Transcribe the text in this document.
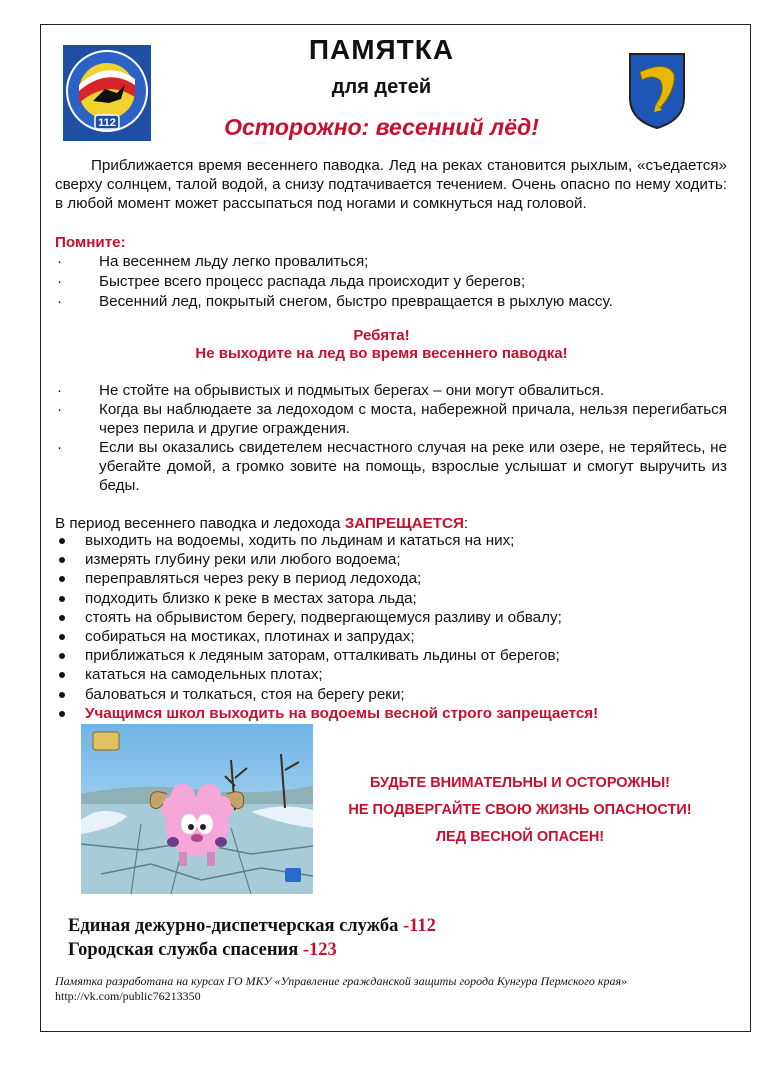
112
ПАМЯТКА
для детей
Осторожно: весенний лёд!
Приближается время весеннего паводка. Лед на реках становится рыхлым, «съедается» сверху солнцем, талой водой, а снизу подтачивается течением. Очень опасно по нему ходить: в любой момент может рассыпаться под ногами и сомкнуться над головой.
Помните:
· На весеннем льду легко провалиться;
· Быстрее всего процесс распада льда происходит у берегов;
· Весенний лед, покрытый снегом, быстро превращается в рыхлую массу.
Ребята!
Не выходите на лед во время весеннего паводка!
· Не стойте на обрывистых и подмытых берегах – они могут обвалиться.
· Когда вы наблюдаете за ледоходом с моста, набережной причала, нельзя перегибаться через перила и другие ограждения.
· Если вы оказались свидетелем несчастного случая на реке или озере, не теряйтесь, не убегайте домой, а громко зовите на помощь, взрослые услышат и смогут выручить из беды.
В период весеннего паводка и ледохода ЗАПРЕЩАЕТСЯ:
выходить на водоемы, ходить по льдинам и кататься на них;
измерять глубину реки или любого водоема;
переправляться через реку в период ледохода;
подходить близко к реке в местах затора льда;
стоять на обрывистом берегу, подвергающемуся разливу и обвалу;
собираться на мостиках, плотинах и запрудах;
приближаться к ледяным заторам, отталкивать льдины от берегов;
кататься на самодельных плотах;
баловаться и толкаться, стоя на берегу реки;
Учащимся школ выходить на водоемы весной строго запрещается!
БУДЬТЕ ВНИМАТЕЛЬНЫ И ОСТОРОЖНЫ!
НЕ ПОДВЕРГАЙТЕ СВОЮ ЖИЗНЬ ОПАСНОСТИ!
ЛЕД ВЕСНОЙ ОПАСЕН!
Единая дежурно-диспетчерская служба -112
Городская служба спасения -123
Памятка разработана на курсах ГО МКУ «Управление гражданской защиты города Кунгура Пермского края»
http://vk.com/public76213350
